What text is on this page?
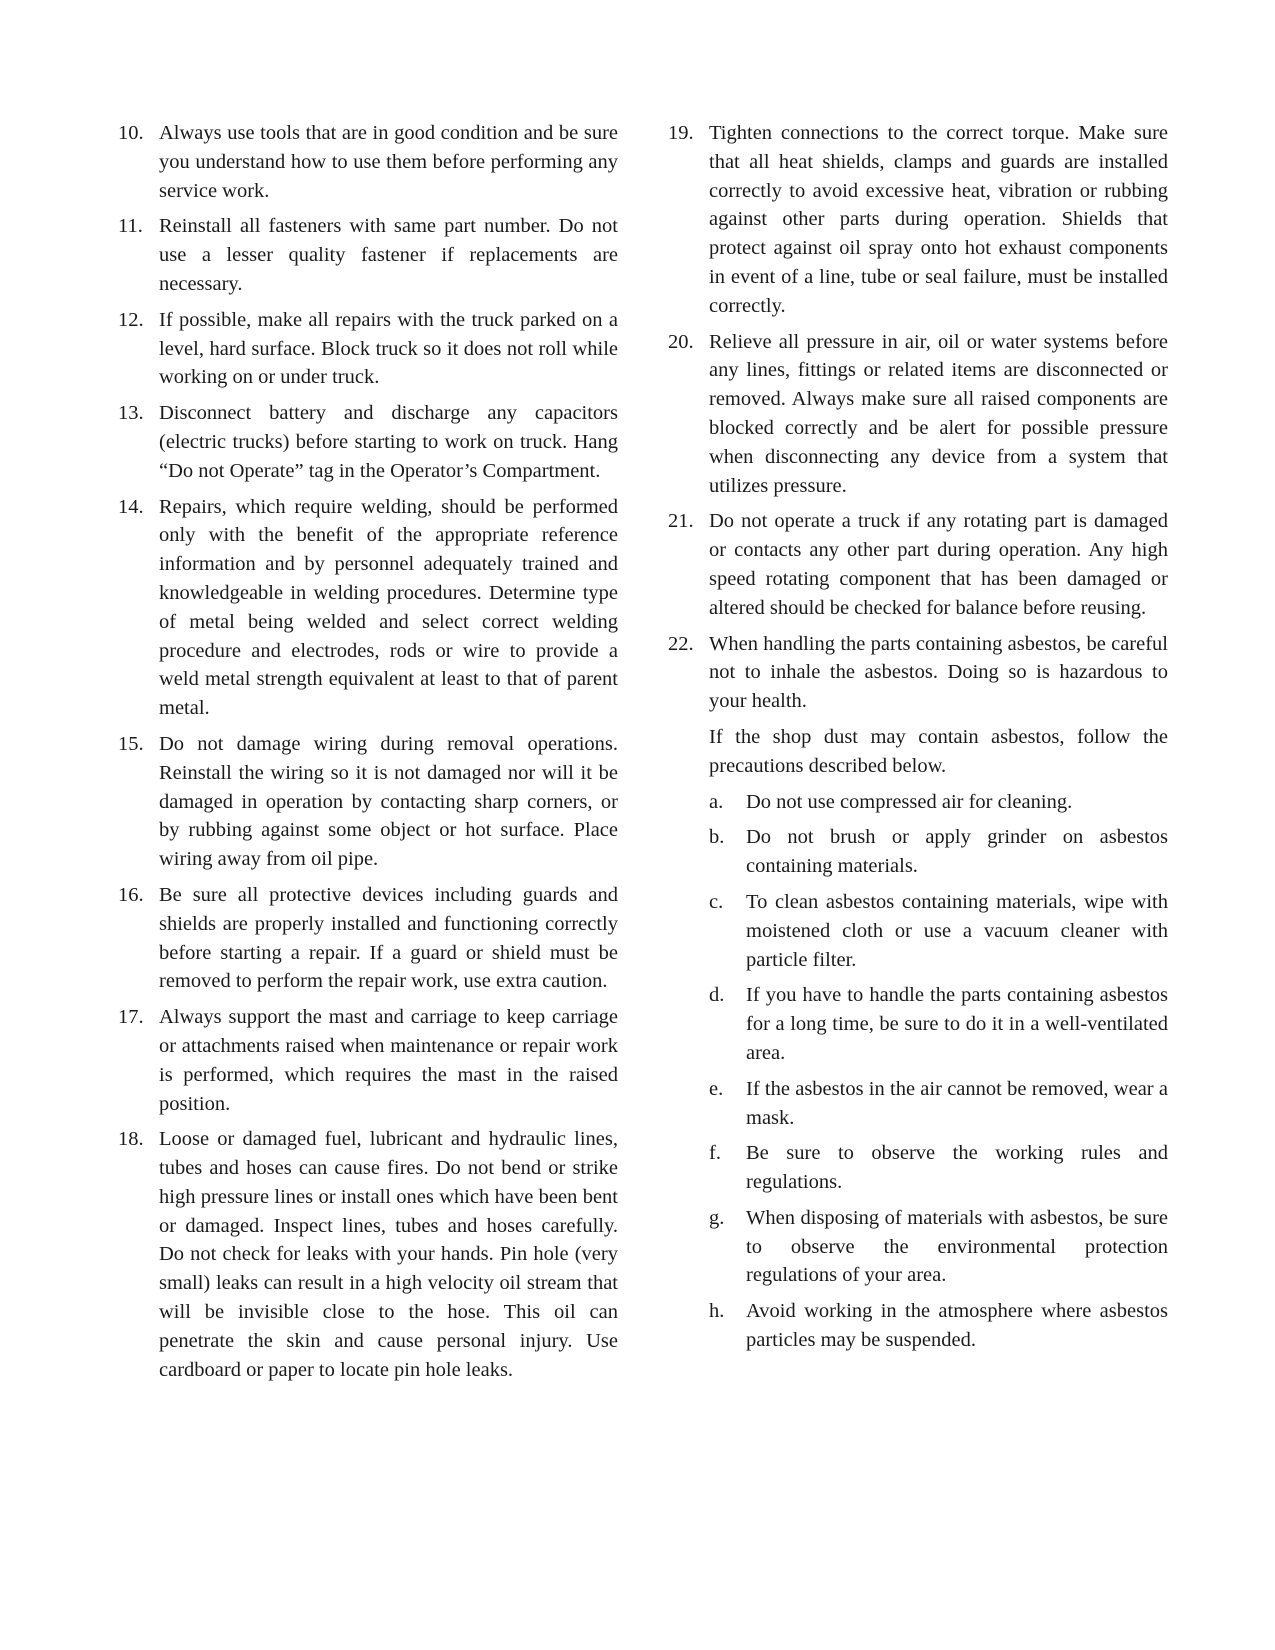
10. Always use tools that are in good condition and be sure you understand how to use them before performing any service work.
11. Reinstall all fasteners with same part number. Do not use a lesser quality fastener if replacements are necessary.
12. If possible, make all repairs with the truck parked on a level, hard surface. Block truck so it does not roll while working on or under truck.
13. Disconnect battery and discharge any capacitors (electric trucks) before starting to work on truck. Hang “Do not Operate” tag in the Operator’s Compartment.
14. Repairs, which require welding, should be performed only with the benefit of the appropriate reference information and by personnel adequately trained and knowledgeable in welding procedures. Determine type of metal being welded and select correct welding procedure and electrodes, rods or wire to provide a weld metal strength equivalent at least to that of parent metal.
15. Do not damage wiring during removal operations. Reinstall the wiring so it is not damaged nor will it be damaged in operation by contacting sharp corners, or by rubbing against some object or hot surface. Place wiring away from oil pipe.
16. Be sure all protective devices including guards and shields are properly installed and functioning correctly before starting a repair. If a guard or shield must be removed to perform the repair work, use extra caution.
17. Always support the mast and carriage to keep carriage or attachments raised when maintenance or repair work is performed, which requires the mast in the raised position.
18. Loose or damaged fuel, lubricant and hydraulic lines, tubes and hoses can cause fires. Do not bend or strike high pressure lines or install ones which have been bent or damaged. Inspect lines, tubes and hoses carefully. Do not check for leaks with your hands. Pin hole (very small) leaks can result in a high velocity oil stream that will be invisible close to the hose. This oil can penetrate the skin and cause personal injury. Use cardboard or paper to locate pin hole leaks.
19. Tighten connections to the correct torque. Make sure that all heat shields, clamps and guards are installed correctly to avoid excessive heat, vibration or rubbing against other parts during operation. Shields that protect against oil spray onto hot exhaust components in event of a line, tube or seal failure, must be installed correctly.
20. Relieve all pressure in air, oil or water systems before any lines, fittings or related items are disconnected or removed. Always make sure all raised components are blocked correctly and be alert for possible pressure when disconnecting any device from a system that utilizes pressure.
21. Do not operate a truck if any rotating part is damaged or contacts any other part during operation. Any high speed rotating component that has been damaged or altered should be checked for balance before reusing.
22. When handling the parts containing asbestos, be careful not to inhale the asbestos. Doing so is hazardous to your health.
If the shop dust may contain asbestos, follow the precautions described below.
a.	Do not use compressed air for cleaning.
b.	Do not brush or apply grinder on asbestos containing materials.
c.	To clean asbestos containing materials, wipe with moistened cloth or use a vacuum cleaner with particle filter.
d.	If you have to handle the parts containing asbestos for a long time, be sure to do it in a well-ventilated area.
e.	If the asbestos in the air cannot be removed, wear a mask.
f.	Be sure to observe the working rules and regulations.
g.	When disposing of materials with asbestos, be sure to observe the environmental protection regulations of your area.
h.	Avoid working in the atmosphere where asbestos particles may be suspended.
